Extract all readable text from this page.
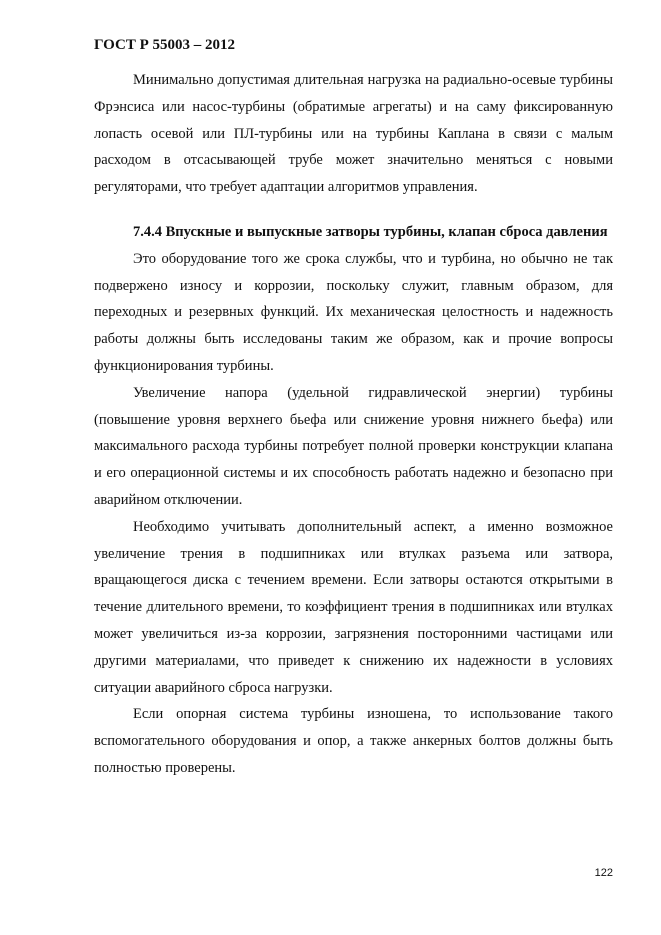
ГОСТ Р 55003 – 2012

Минимально допустимая длительная нагрузка на радиально-осевые турбины Фрэнсиса или насос-турбины (обратимые агрегаты) и на саму фиксированную лопасть осевой или ПЛ-турбины или на турбины Каплана в связи с малым расходом в отсасывающей трубе может значительно меняться с новыми регуляторами, что требует адаптации алгоритмов управления.

7.4.4 Впускные и выпускные затворы турбины, клапан сброса давления

Это оборудование того же срока службы, что и турбина, но обычно не так подвержено износу и коррозии, поскольку служит, главным образом, для переходных и резервных функций. Их механическая целостность и надежность работы должны быть исследованы таким же образом, как и прочие вопросы функционирования турбины.

Увеличение напора (удельной гидравлической энергии) турбины (повышение уровня верхнего бьефа или снижение уровня нижнего бьефа) или максимального расхода турбины потребует полной проверки конструкции клапана и его операционной системы и их способность работать надежно и безопасно при аварийном отключении.

Необходимо учитывать дополнительный аспект, а именно возможное увеличение трения в подшипниках или втулках разъема или затвора, вращающегося диска с течением времени. Если затворы остаются открытыми в течение длительного времени, то коэффициент трения в подшипниках или втулках может увеличиться из-за коррозии, загрязнения посторонними частицами или другими материалами, что приведет к снижению их надежности в условиях ситуации аварийного сброса нагрузки.

Если опорная система турбины изношена, то использование такого вспомогательного оборудования и опор, а также анкерных болтов должны быть полностью проверены.

122
